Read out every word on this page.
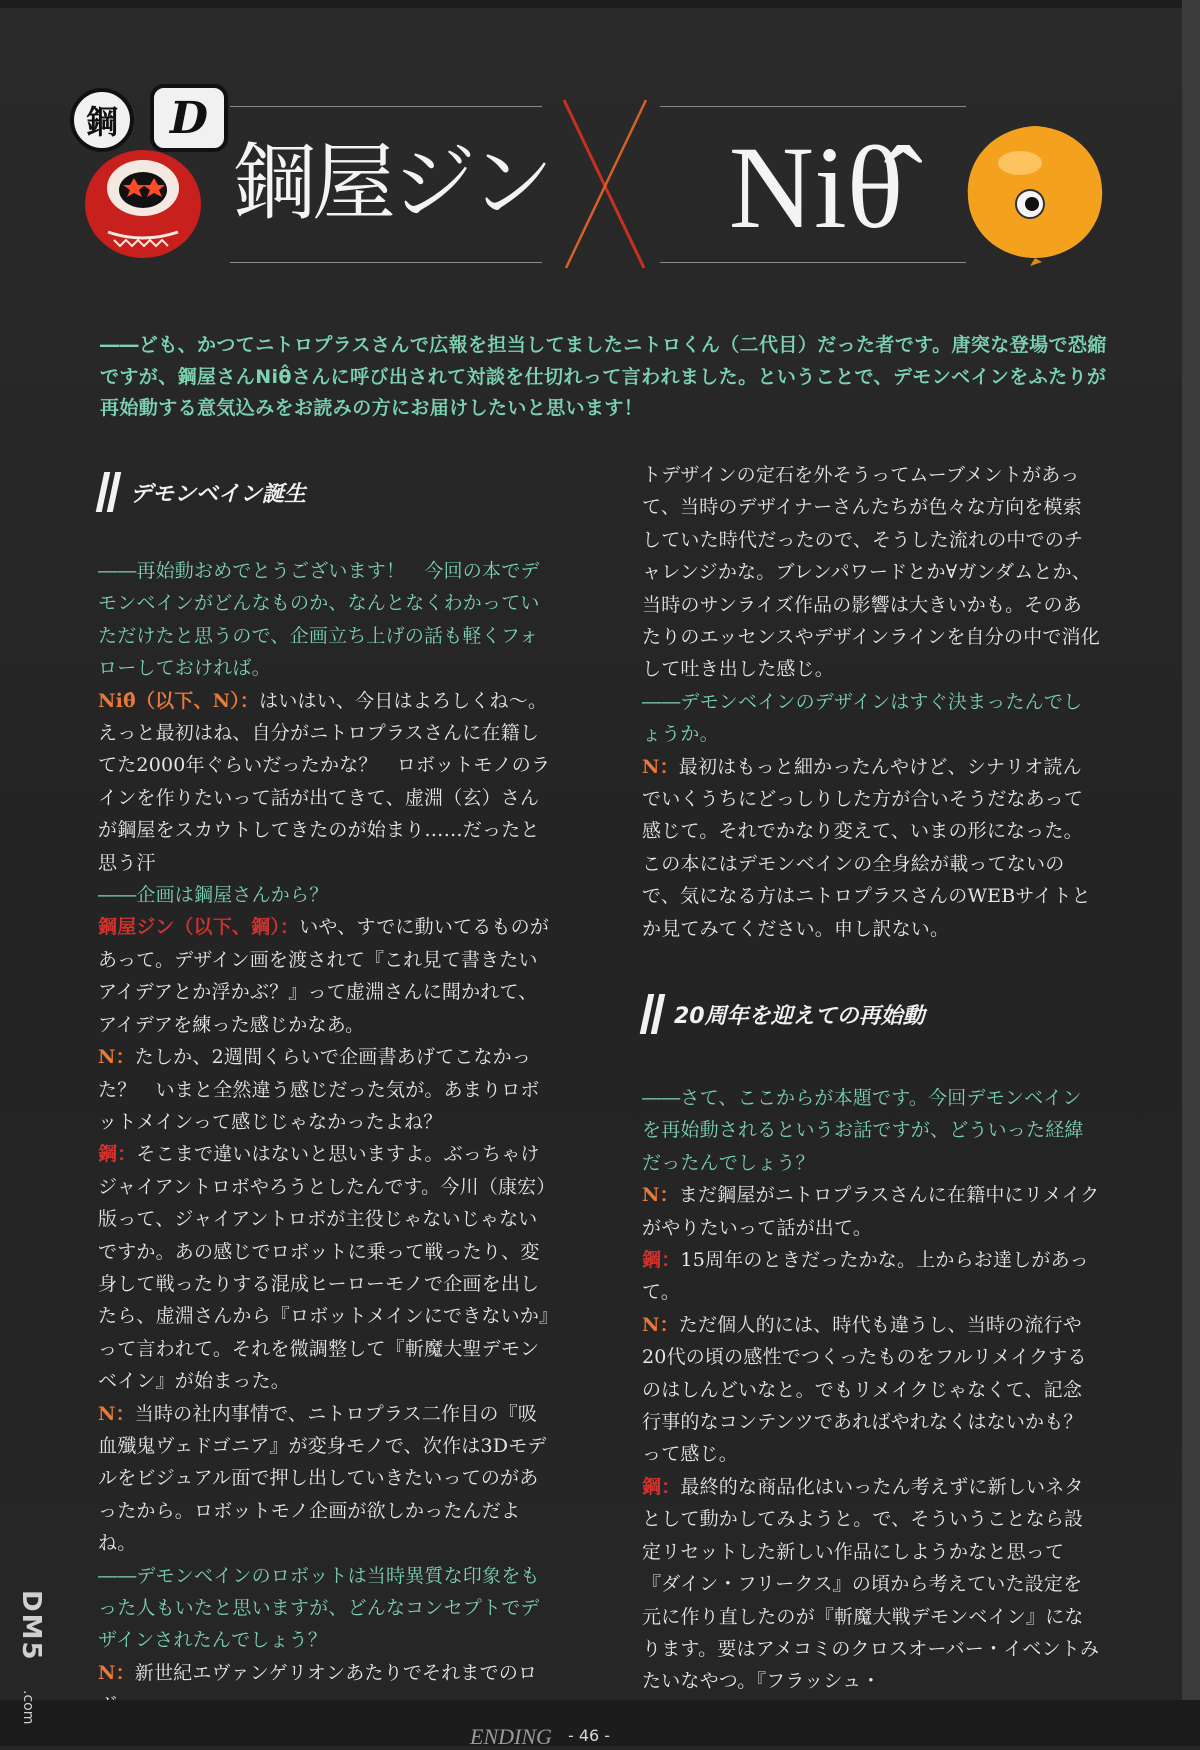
鋼	D
鋼屋ジン Niθ̂
――ども、かつてニトロプラスさんで広報を担当してましたニトロくん（二代目）だった者です。唐突な登場で恐縮ですが、鋼屋さんNiθ̂さんに呼び出されて対談を仕切れって言われました。ということで、デモンベインをふたりが再始動する意気込みをお読みの方にお届けしたいと思います！
デモンベイン誕生

――再始動おめでとうございます！　今回の本でデモンベインがどんなものか、なんとなくわかっていただけたと思うので、企画立ち上げの話も軽くフォローしておければ。

Niθ̂（以下、N）：はいはい、今日はよろしくね～。えっと最初はね、自分がニトロプラスさんに在籍してた2000年ぐらいだったかな？　ロボットモノのラインを作りたいって話が出てきて、虚淵（玄）さんが鋼屋をスカウトしてきたのが始まり……だったと思う汗

――企画は鋼屋さんから？

鋼屋ジン（以下、鋼）：いや、すでに動いてるものがあって。デザイン画を渡されて『これ見て書きたいアイデアとか浮かぶ？』って虚淵さんに聞かれて、アイデアを練った感じかなあ。

N：たしか、2週間くらいで企画書あげてこなかった？　いまと全然違う感じだった気が。あまりロボットメインって感じじゃなかったよね？

鋼：そこまで違いはないと思いますよ。ぶっちゃけジャイアントロボやろうとしたんです。今川（康宏）版って、ジャイアントロボが主役じゃないじゃないですか。あの感じでロボットに乗って戦ったり、変身して戦ったりする混成ヒーローモノで企画を出したら、虚淵さんから『ロボットメインにできないか』って言われて。それを微調整して『斬魔大聖デモンベイン』が始まった。

N：当時の社内事情で、ニトロプラス二作目の『吸血殲鬼ヴェドゴニア』が変身モノで、次作は3Dモデルをビジュアル面で押し出していきたいってのがあったから。ロボットモノ企画が欲しかったんだよね。

――デモンベインのロボットは当時異質な印象をもった人もいたと思いますが、どんなコンセプトでデザインされたんでしょう？

N：新世紀エヴァンゲリオンあたりでそれまでのロ

トデザインの定石を外そうってムーブメントがあって、当時のデザイナーさんたちが色々な方向を模索していた時代だったので、そうした流れの中でのチャレンジかな。ブレンパワードとか∀ガンダムとか、当時のサンライズ作品の影響は大きいかも。そのあたりのエッセンスやデザインラインを自分の中で消化して吐き出した感じ。

――デモンベインのデザインはすぐ決まったんでしょうか。

N：最初はもっと細かったんやけど、シナリオ読んでいくうちにどっしりした方が合いそうだなあって感じて。それでかなり変えて、いまの形になった。この本にはデモンベインの全身絵が載ってないので、気になる方はニトロプラスさんのWEBサイトとか見てみてください。申し訳ない。

20周年を迎えての再始動

――さて、ここからが本題です。今回デモンベインを再始動されるというお話ですが、どういった経緯だったんでしょう？

N：まだ鋼屋がニトロプラスさんに在籍中にリメイクがやりたいって話が出て。

鋼：15周年のときだったかな。上からお達しがあって。

N：ただ個人的には、時代も違うし、当時の流行や20代の頃の感性でつくったものをフルリメイクするのはしんどいなと。でもリメイクじゃなくて、記念行事的なコンテンツであればやれなくはないかも？　って感じ。

鋼：最終的な商品化はいったん考えずに新しいネタとして動かしてみようと。で、そういうことなら設定リセットした新しい作品にしようかなと思って『ダイン・フリークス』の頃から考えていた設定を元に作り直したのが『斬魔大戦デモンベイン』になります。要はアメコミのクロスオーバー・イベントみたいなやつ。『フラッシュ・

ENDING - 46 -
DM5
.com
